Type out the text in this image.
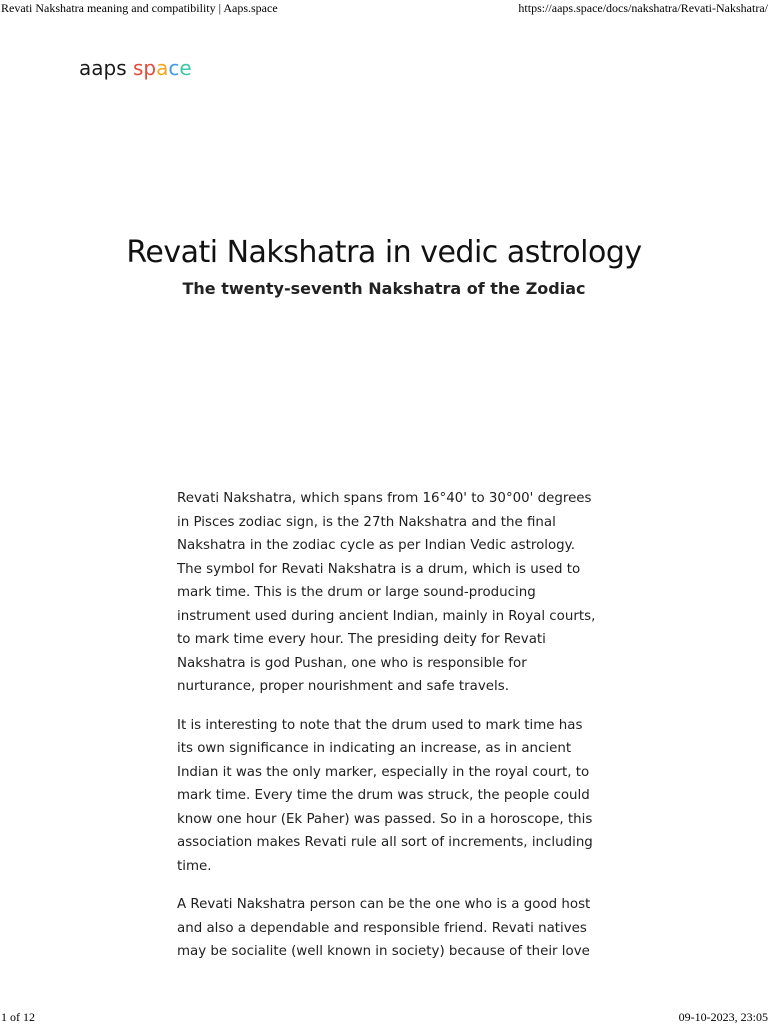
Revati Nakshatra meaning and compatibility | Aaps.space	https://aaps.space/docs/nakshatra/Revati-Nakshatra/
aaps space
Revati Nakshatra in vedic astrology
The twenty-seventh Nakshatra of the Zodiac

Revati Nakshatra, which spans from 16°40' to 30°00' degrees in Pisces zodiac sign, is the 27th Nakshatra and the final Nakshatra in the zodiac cycle as per Indian Vedic astrology. The symbol for Revati Nakshatra is a drum, which is used to mark time. This is the drum or large sound-producing instrument used during ancient Indian, mainly in Royal courts, to mark time every hour. The presiding deity for Revati Nakshatra is god Pushan, one who is responsible for nurturance, proper nourishment and safe travels.

It is interesting to note that the drum used to mark time has its own significance in indicating an increase, as in ancient Indian it was the only marker, especially in the royal court, to mark time. Every time the drum was struck, the people could know one hour (Ek Paher) was passed. So in a horoscope, this association makes Revati rule all sort of increments, including time.

A Revati Nakshatra person can be the one who is a good host and also a dependable and responsible friend. Revati natives may be socialite (well known in society) because of their love

1 of 12	09-10-2023, 23:05
